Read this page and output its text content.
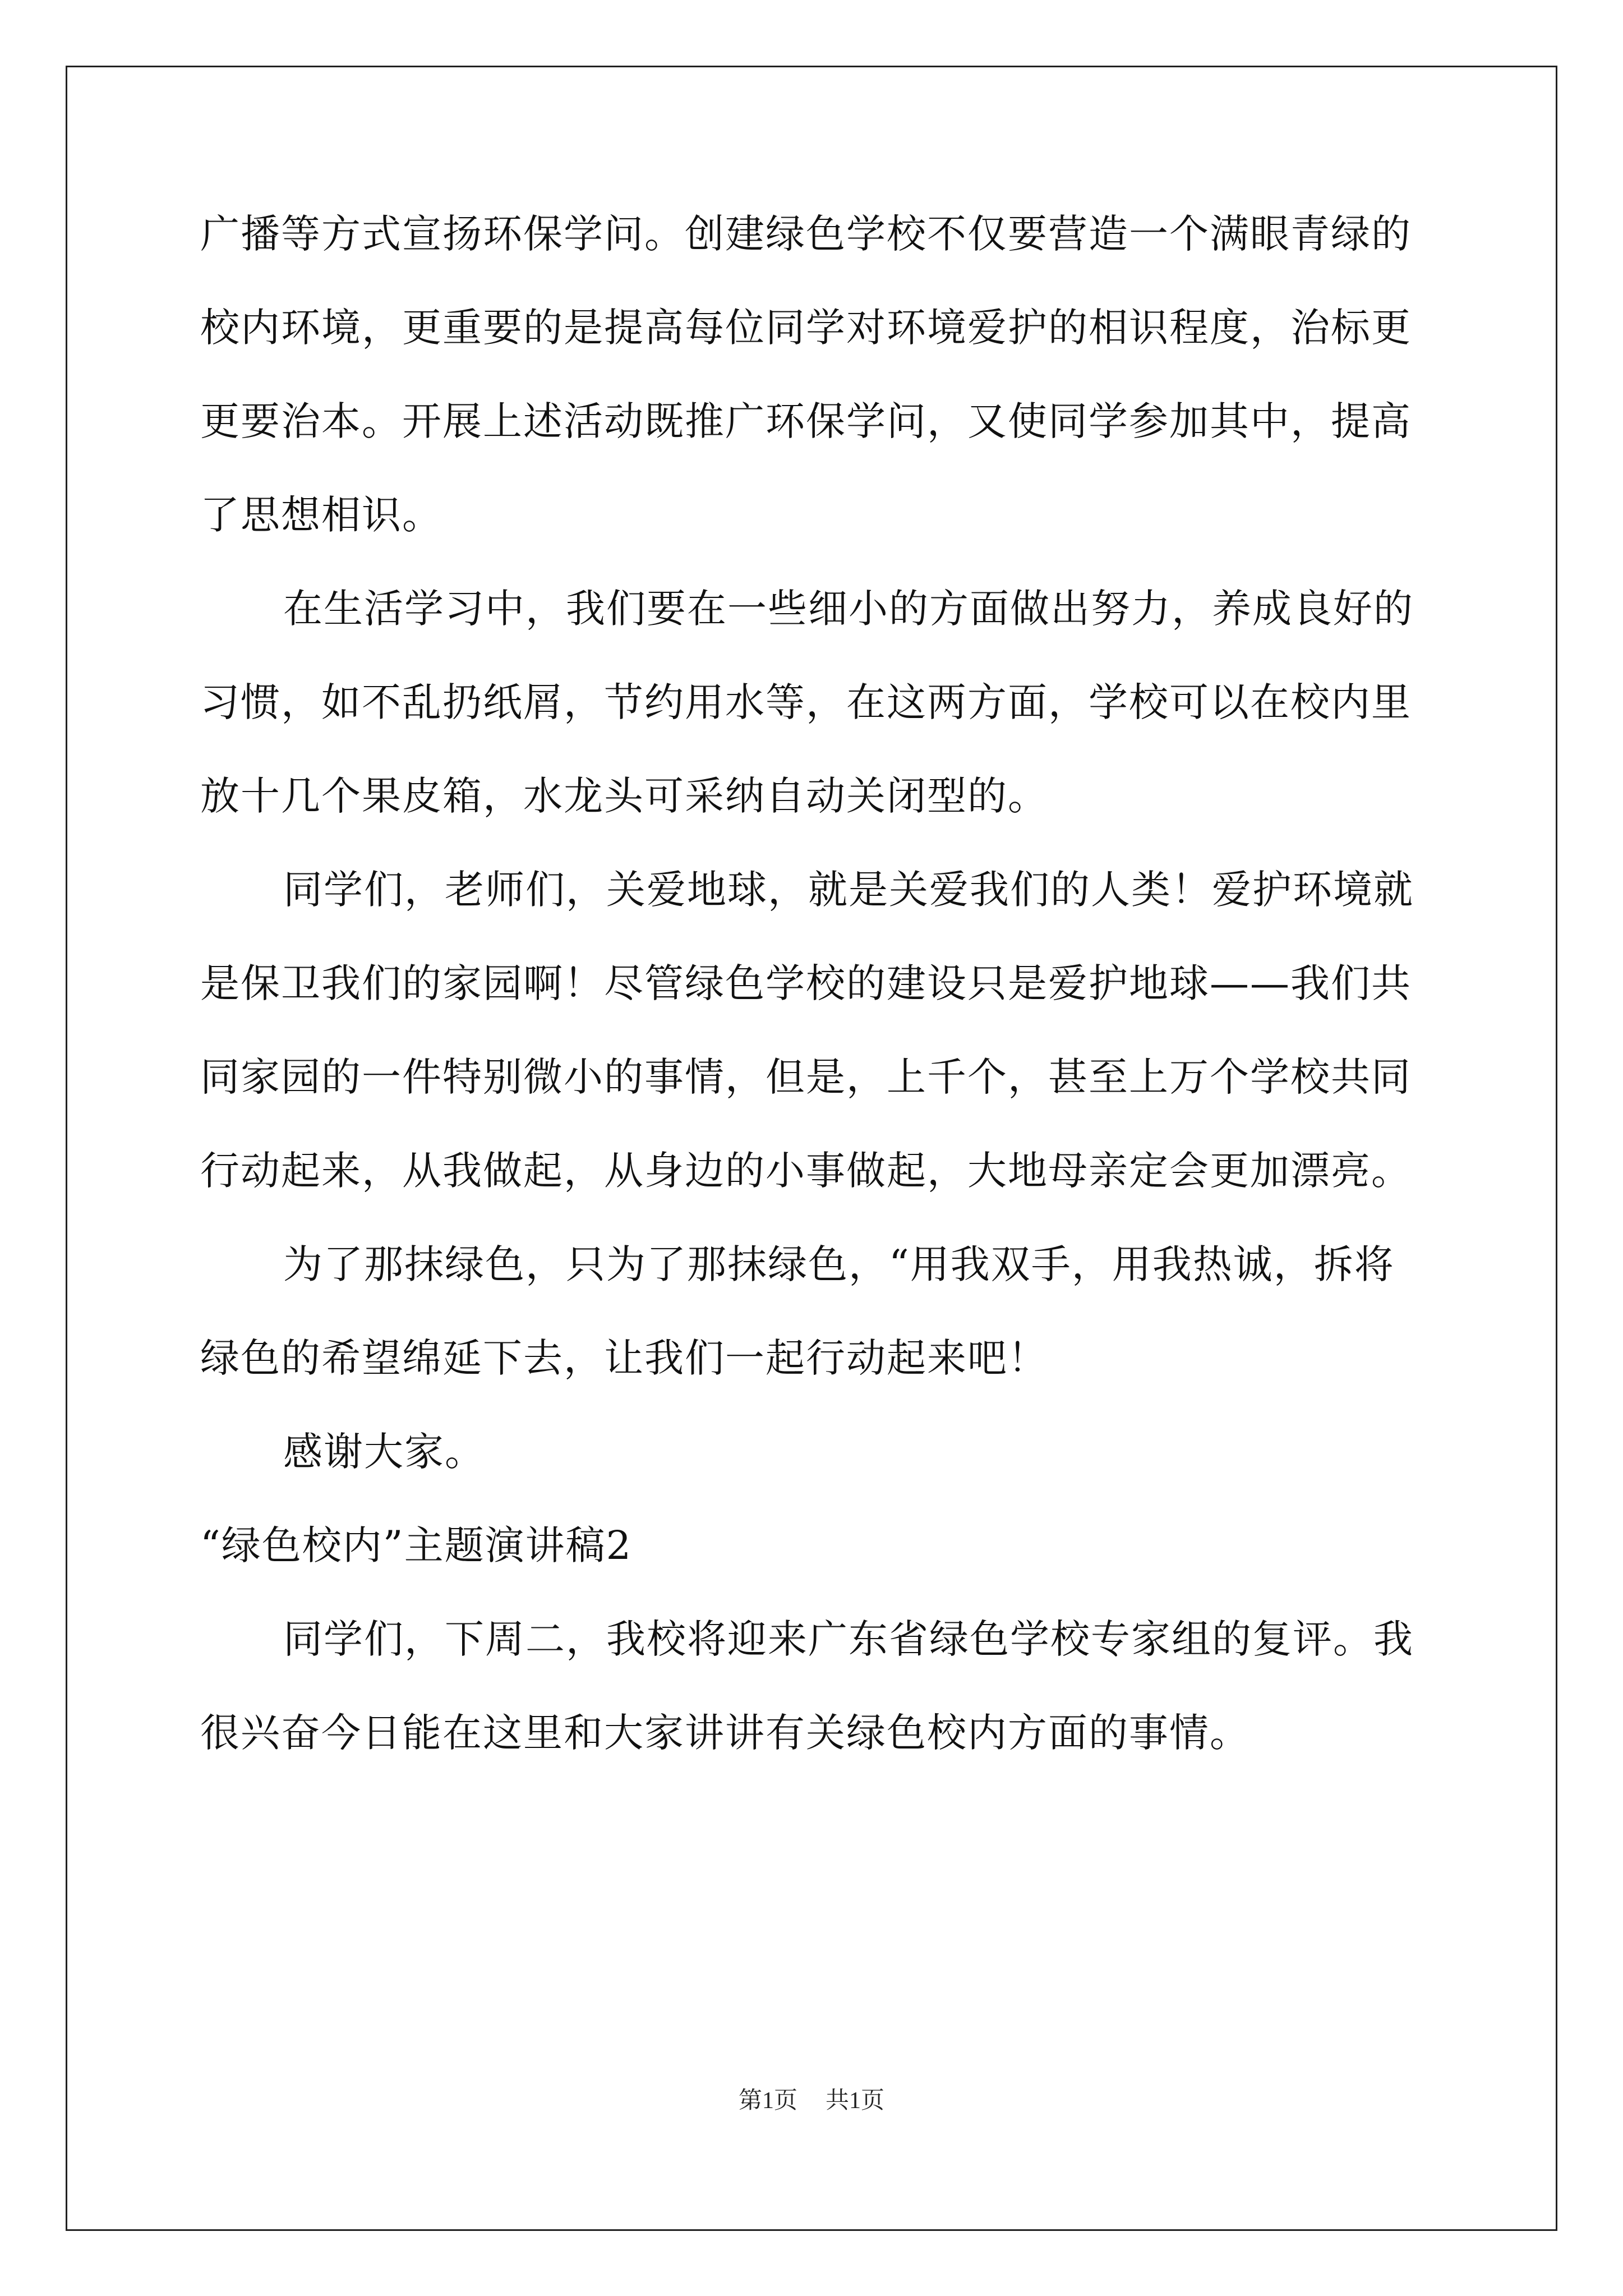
广播等方式宣扬环保学问。创建绿色学校不仅要营造一个满眼青绿的

校内环境，更重要的是提高每位同学对环境爱护的相识程度，治标更

更要治本。开展上述活动既推广环保学问，又使同学参加其中，提高

了思想相识。

在生活学习中，我们要在一些细小的方面做出努力，养成良好的

习惯，如不乱扔纸屑，节约用水等，在这两方面，学校可以在校内里

放十几个果皮箱，水龙头可采纳自动关闭型的。

同学们，老师们，关爱地球，就是关爱我们的人类！爱护环境就

是保卫我们的家园啊！尽管绿色学校的建设只是爱护地球——我们共

同家园的一件特别微小的事情，但是，上千个，甚至上万个学校共同

行动起来，从我做起，从身边的小事做起，大地母亲定会更加漂亮。

为了那抹绿色，只为了那抹绿色，“用我双手，用我热诚，拆将

绿色的希望绵延下去，让我们一起行动起来吧！

感谢大家。

“绿色校内”主题演讲稿2

同学们，下周二，我校将迎来广东省绿色学校专家组的复评。我

很兴奋今日能在这里和大家讲讲有关绿色校内方面的事情。

第1页 共1页
